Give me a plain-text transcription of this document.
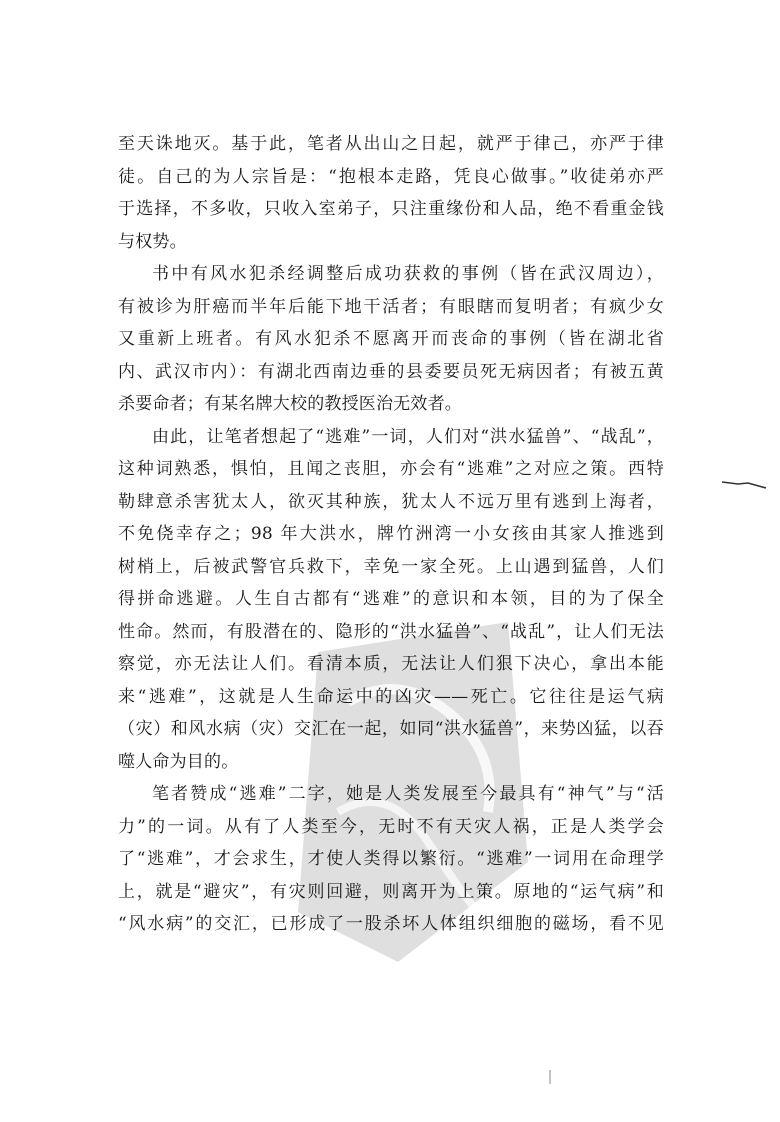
至天诛地灭。基于此，笔者从出山之日起，就严于律己，亦严于律
徒。自己的为人宗旨是：“抱根本走路，凭良心做事。”收徒弟亦严
于选择，不多收，只收入室弟子，只注重缘份和人品，绝不看重金钱
与权势。
书中有风水犯杀经调整后成功获救的事例（皆在武汉周边），
有被诊为肝癌而半年后能下地干活者；有眼瞎而复明者；有疯少女
又重新上班者。有风水犯杀不愿离开而丧命的事例（皆在湖北省
内、武汉市内）：有湖北西南边垂的县委要员死无病因者；有被五黄
杀要命者；有某名牌大校的教授医治无效者。
由此，让笔者想起了“逃难”一词，人们对“洪水猛兽”、“战乱”，
这种词熟悉，惧怕，且闻之丧胆，亦会有“逃难”之对应之策。西特
勒肆意杀害犹太人，欲灭其种族，犹太人不远万里有逃到上海者，
不免侥幸存之；98 年大洪水，牌竹洲湾一小女孩由其家人推逃到
树梢上，后被武警官兵救下，幸免一家全死。上山遇到猛兽，人们
得拼命逃避。人生自古都有“逃难”的意识和本领，目的为了保全
性命。然而，有股潜在的、隐形的“洪水猛兽”、“战乱”，让人们无法
察觉，亦无法让人们。看清本质，无法让人们狠下决心，拿出本能
来“逃难”，这就是人生命运中的凶灾——死亡。它往往是运气病
（灾）和风水病（灾）交汇在一起，如同“洪水猛兽”，来势凶猛，以吞
噬人命为目的。
笔者赞成“逃难”二字，她是人类发展至今最具有“神气”与“活
力”的一词。从有了人类至今，无时不有天灾人祸，正是人类学会
了“逃难”，才会求生，才使人类得以繁衍。“逃难”一词用在命理学
上，就是“避灾”，有灾则回避，则离开为上策。原地的“运气病”和
“风水病”的交汇，已形成了一股杀坏人体组织细胞的磁场，看不见
